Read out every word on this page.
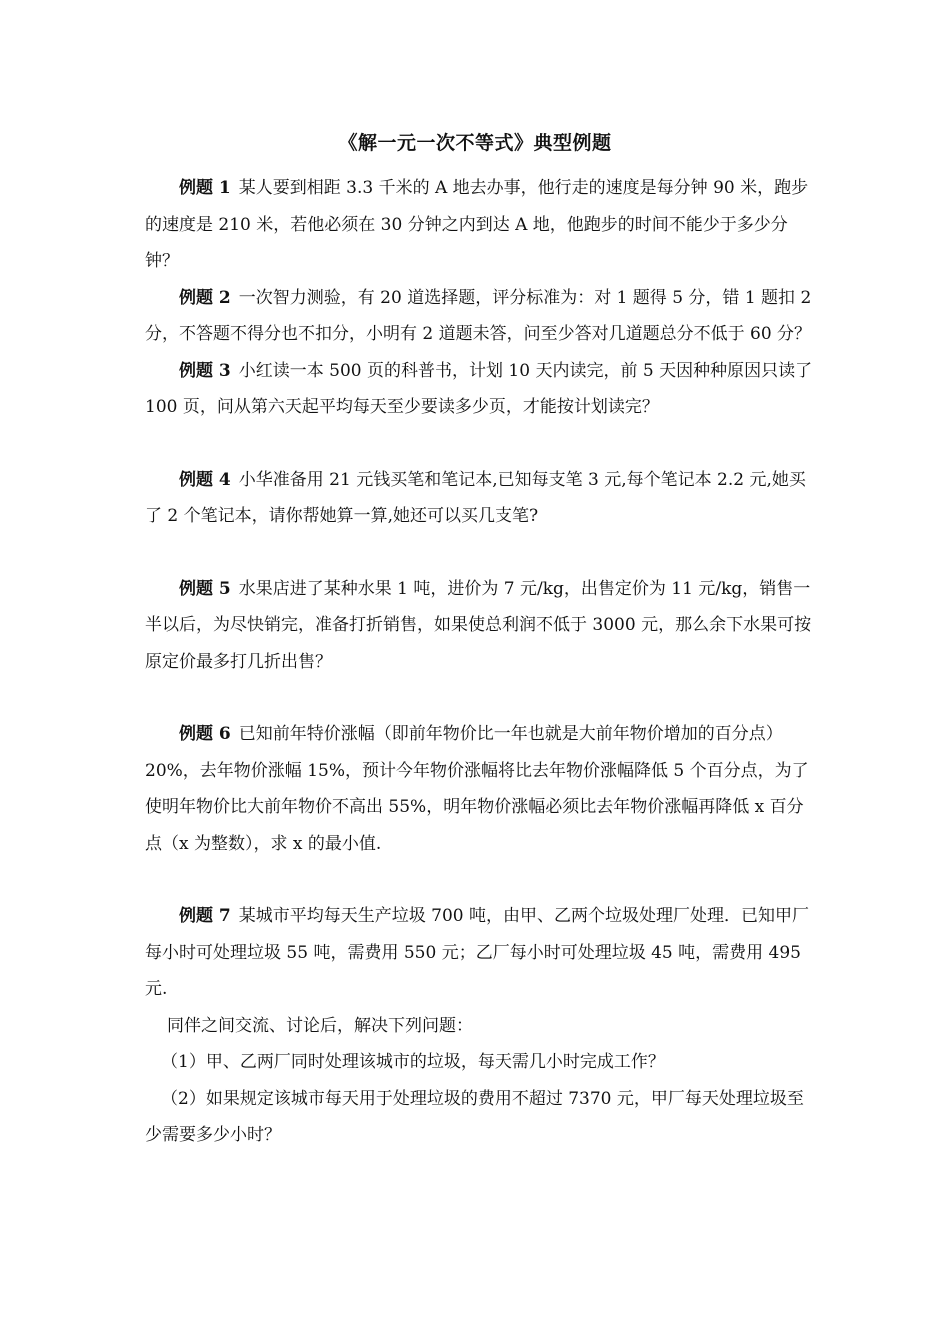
《解一元一次不等式》典型例题

例题 1 某人要到相距 3.3 千米的 A 地去办事，他行走的速度是每分钟 90 米，跑步的速度是 210 米，若他必须在 30 分钟之内到达 A 地，他跑步的时间不能少于多少分钟？

例题 2 一次智力测验，有 20 道选择题，评分标准为：对 1 题得 5 分，错 1 题扣 2 分，不答题不得分也不扣分，小明有 2 道题未答，问至少答对几道题总分不低于 60 分？

例题 3 小红读一本 500 页的科普书，计划 10 天内读完，前 5 天因种种原因只读了 100 页，问从第六天起平均每天至少要读多少页，才能按计划读完？

例题 4 小华准备用 21 元钱买笔和笔记本,已知每支笔 3 元,每个笔记本 2.2 元,她买了 2 个笔记本，请你帮她算一算,她还可以买几支笔?

例题 5 水果店进了某种水果 1 吨，进价为 7 元/kg，出售定价为 11 元/kg，销售一半以后，为尽快销完，准备打折销售，如果使总利润不低于 3000 元，那么余下水果可按原定价最多打几折出售？

例题 6 已知前年特价涨幅（即前年物价比一年也就是大前年物价增加的百分点）20%，去年物价涨幅 15%，预计今年物价涨幅将比去年物价涨幅降低 5 个百分点，为了使明年物价比大前年物价不高出 55%，明年物价涨幅必须比去年物价涨幅再降低 x 百分点（x 为整数），求 x 的最小值.

例题 7 某城市平均每天生产垃圾 700 吨，由甲、乙两个垃圾处理厂处理．已知甲厂每小时可处理垃圾 55 吨，需费用 550 元；乙厂每小时可处理垃圾 45 吨，需费用 495 元.

同伴之间交流、讨论后，解决下列问题：

（1）甲、乙两厂同时处理该城市的垃圾，每天需几小时完成工作？

（2）如果规定该城市每天用于处理垃圾的费用不超过 7370 元，甲厂每天处理垃圾至少需要多少小时？
